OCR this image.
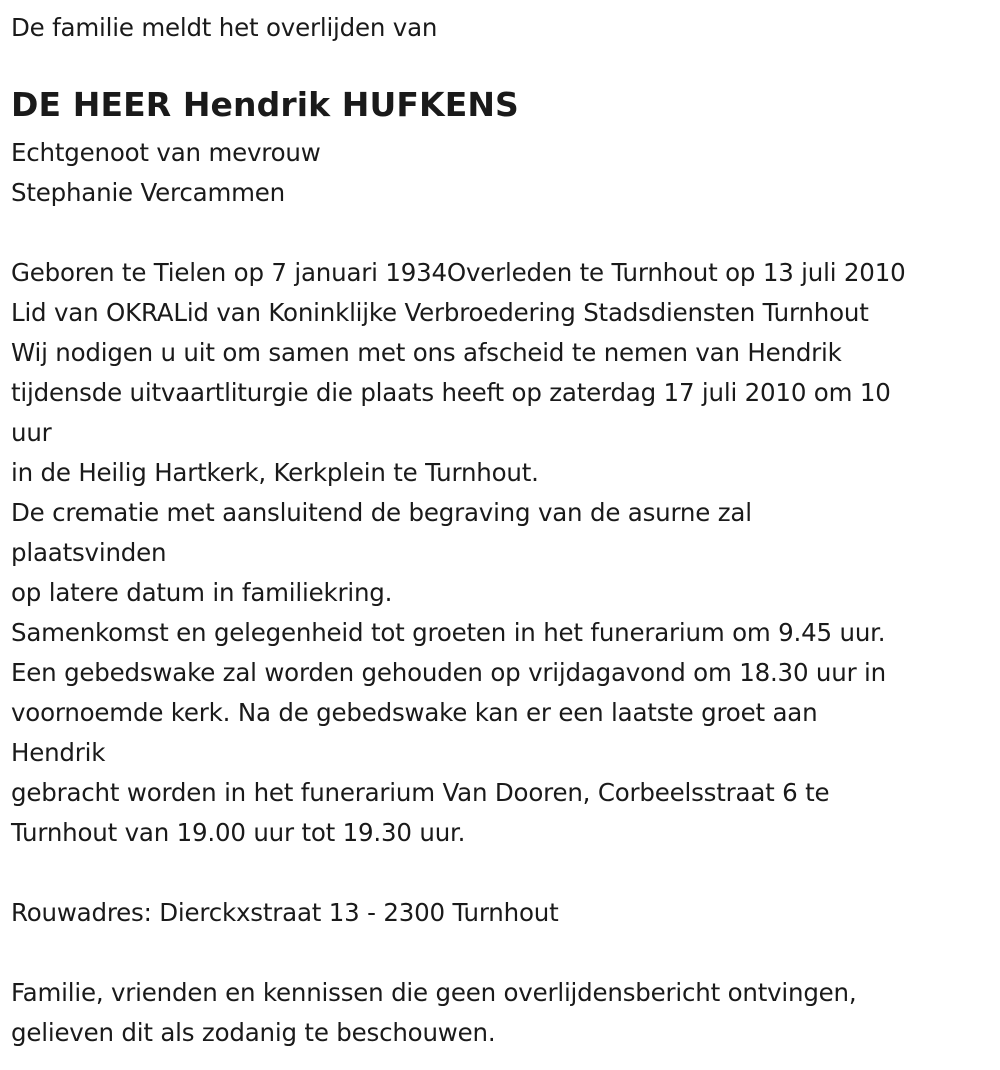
De familie meldt het overlijden van
DE HEER Hendrik HUFKENS
Echtgenoot van mevrouw
Stephanie Vercammen
Geboren te Tielen op 7 januari 1934Overleden te Turnhout op 13 juli 2010
Lid van OKRALid van Koninklijke Verbroedering Stadsdiensten Turnhout
Wij nodigen u uit om samen met ons afscheid te nemen van Hendrik
tijdensde uitvaartliturgie die plaats heeft op zaterdag 17 juli 2010 om 10
uur
in de Heilig Hartkerk, Kerkplein te Turnhout.
De crematie met aansluitend de begraving van de asurne zal
plaatsvinden
op latere datum in familiekring.
Samenkomst en gelegenheid tot groeten in het funerarium om 9.45 uur.
Een gebedswake zal worden gehouden op vrijdagavond om 18.30 uur in
voornoemde kerk. Na de gebedswake kan er een laatste groet aan
Hendrik
gebracht worden in het funerarium Van Dooren, Corbeelsstraat 6 te
Turnhout van 19.00 uur tot 19.30 uur.
Rouwadres: Dierckxstraat 13 - 2300 Turnhout
Familie, vrienden en kennissen die geen overlijdensbericht ontvingen,
gelieven dit als zodanig te beschouwen.
